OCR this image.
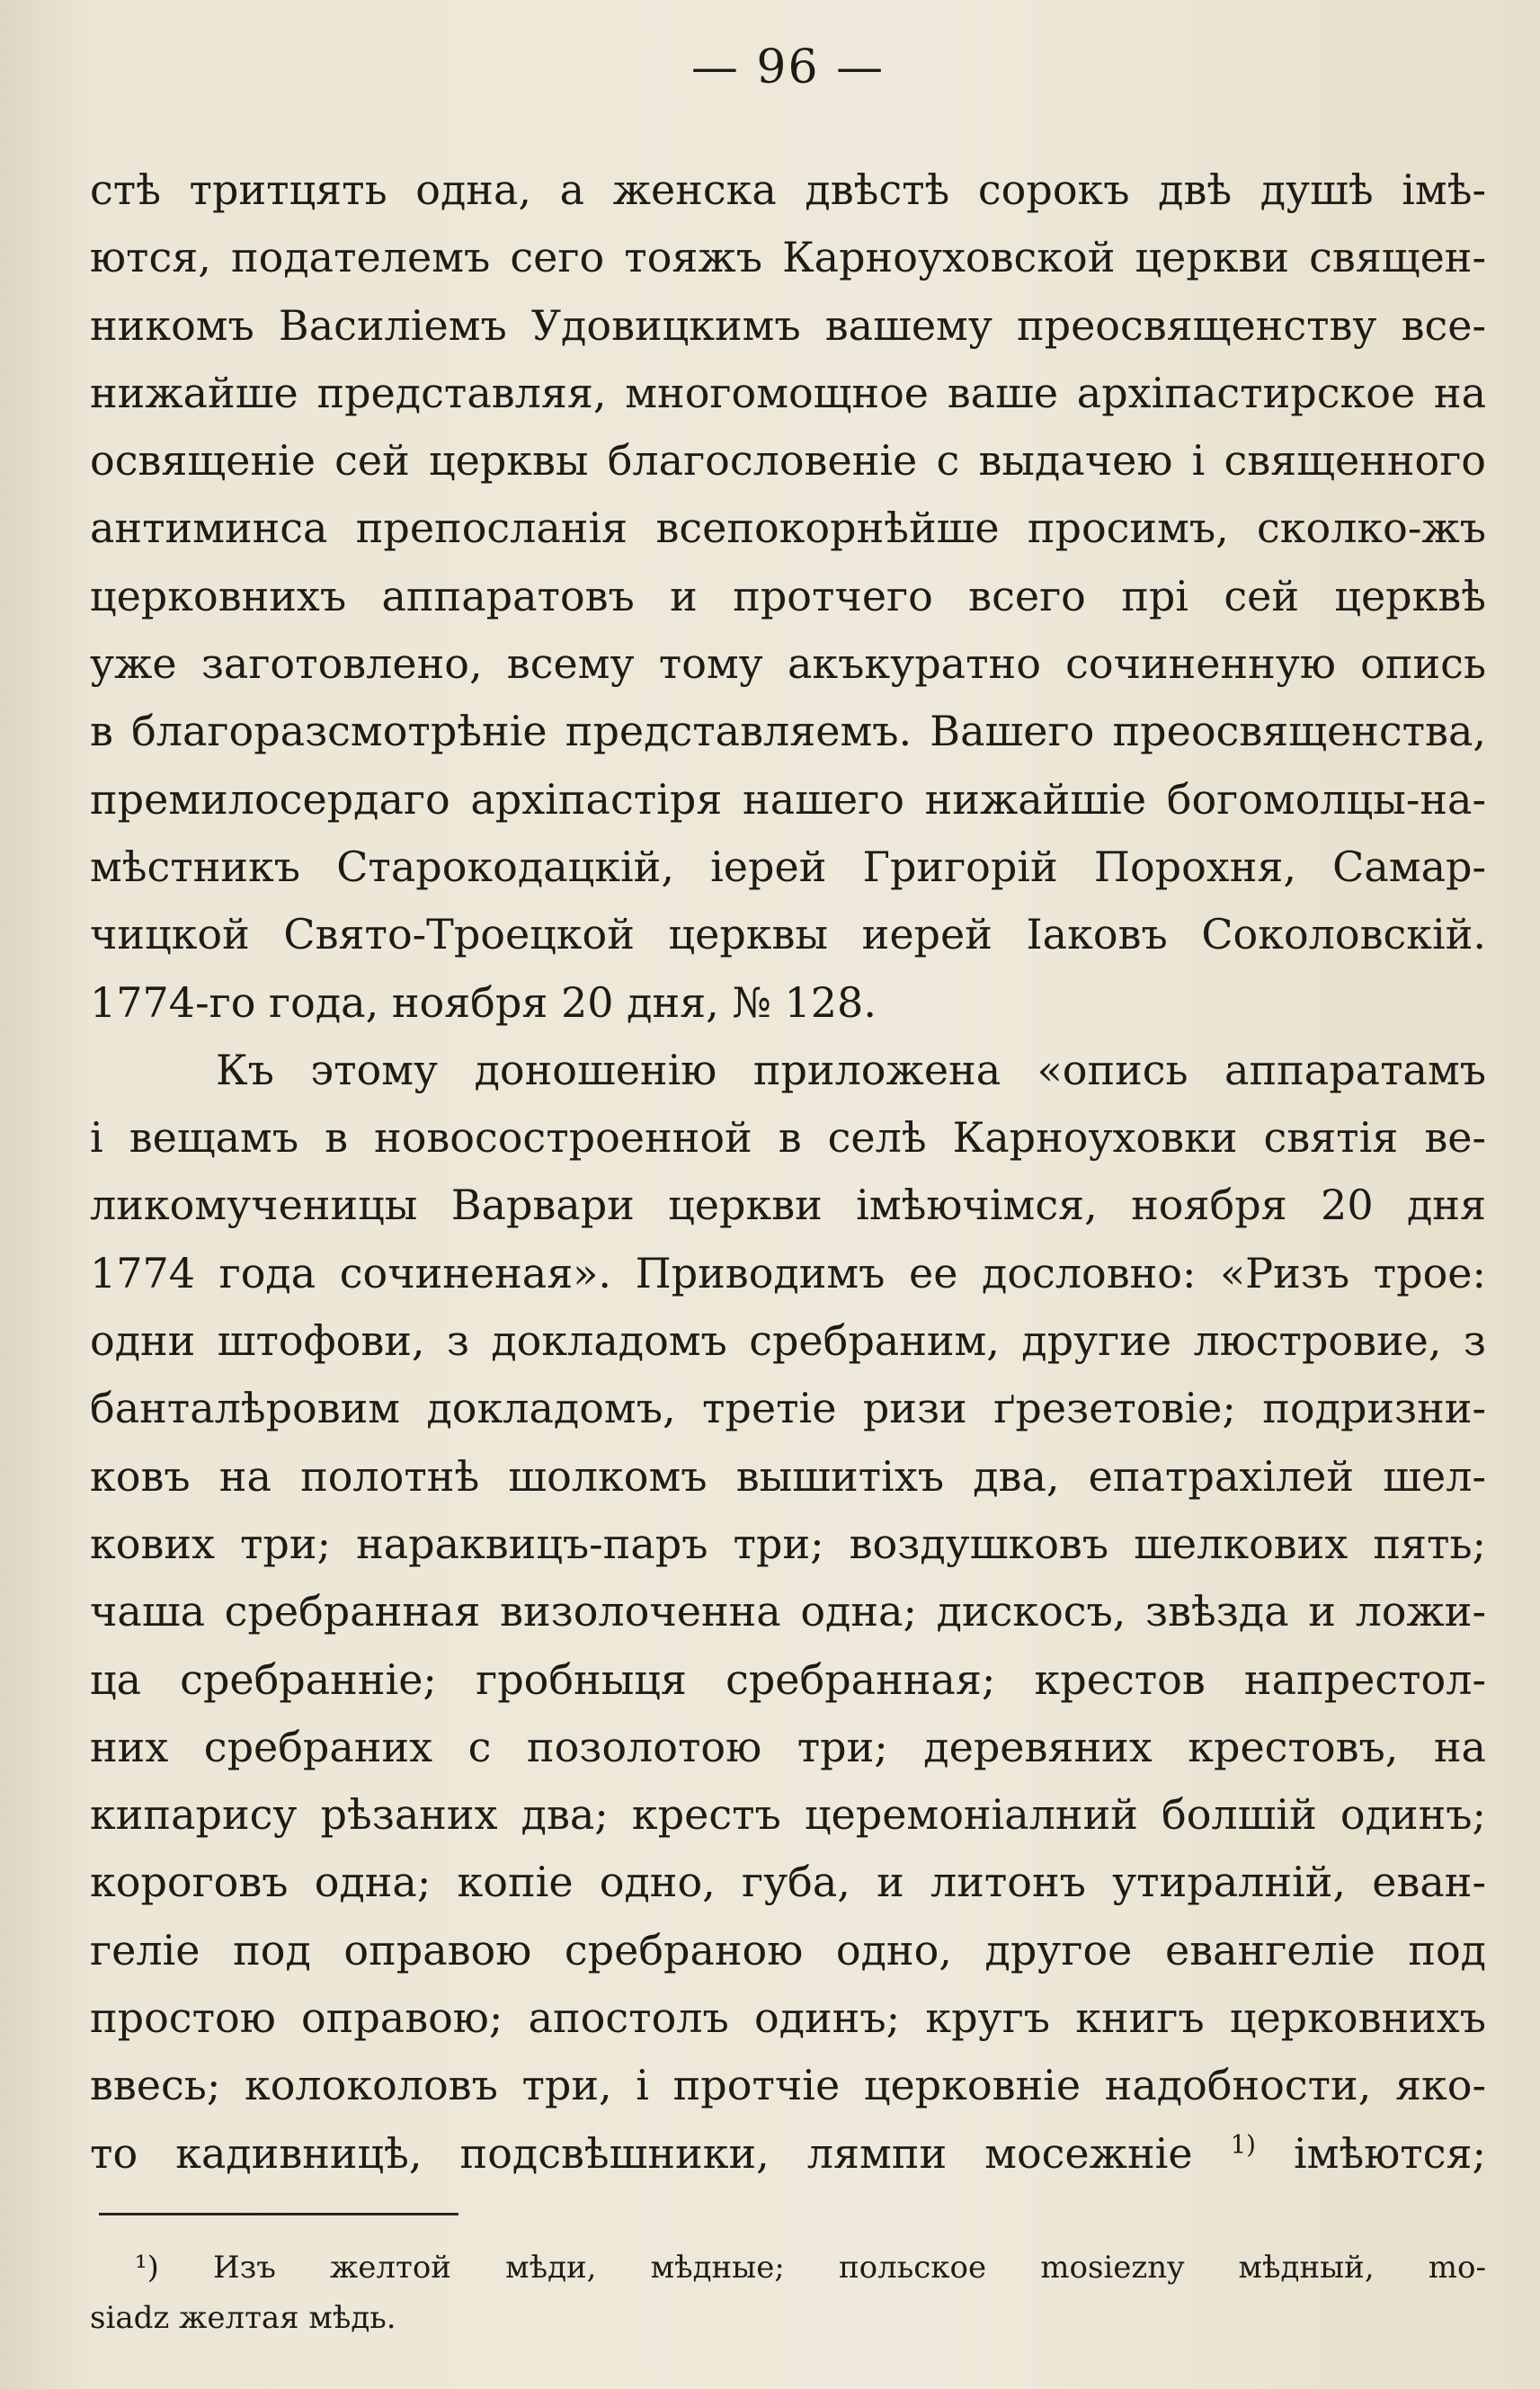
— 96 —
стѣ тритцять одна, а женска двѣстѣ сорокъ двѣ душѣ імѣ-
ются, подателемъ сего тояжъ Карноуховской церкви священ-
никомъ Василіемъ Удовицкимъ вашему преосвященству все-
нижайше представляя, многомощное ваше архіпастирское на
освященіе сей церквы благословеніе с выдачею і священного
антиминса препосланія всепокорнѣйше просимъ, сколко-жъ
церковнихъ аппаратовъ и протчего всего прі сей церквѣ
уже заготовлено, всему тому акъкуратно сочиненную опись
в благоразсмотрѣніе представляемъ. Вашего преосвященства,
премилосердаго архіпастіря нашего нижайшіе богомолцы-на-
мѣстникъ Старокодацкій, іерей Григорій Порохня, Самар-
чицкой Свято-Троецкой церквы иерей Іаковъ Соколовскій.
1774-го года, ноября 20 дня, № 128.
Къ этому доношенію приложена «опись аппаратамъ
і вещамъ в новосостроенной в селѣ Карноуховки святія ве-
ликомученицы Варвари церкви імѣючімся, ноября 20 дня
1774 года сочиненая». Приводимъ ее дословно: «Ризъ трое:
одни штофови, з докладомъ сребраним, другие люстровие, з
банталѣровим докладомъ, третіе ризи ґрезетовіе; подризни-
ковъ на полотнѣ шолкомъ вышитіхъ два, епатрахілей шел-
ковиx три; нараквицъ-паръ три; воздушковъ шелковиx пять;
чаша сребранная визолоченна одна; дискосъ, звѣзда и ложи-
ца сребранніе; гробныця сребранная; крестов напрестол-
них сребраних с позолотою три; деревяних крестовъ, на
кипарису рѣзаних два; крестъ церемоніалний болшій одинъ;
короговъ одна; копіе одно, губа, и литонъ утиралній, еван-
геліе под оправою сребраною одно, другое евангеліе под
простою оправою; апостолъ одинъ; кругъ книгъ церковнихъ
ввесь; колоколовъ три, і протчіе церковніе надобности, яко-
то кадивницѣ, подсвѣшники, лямпи мосежніе $^{1)}$ імѣются;
¹) Изъ желтой мѣди, мѣдные; польское mosiezny мѣдный, mo-
siadz желтая мѣдь.
